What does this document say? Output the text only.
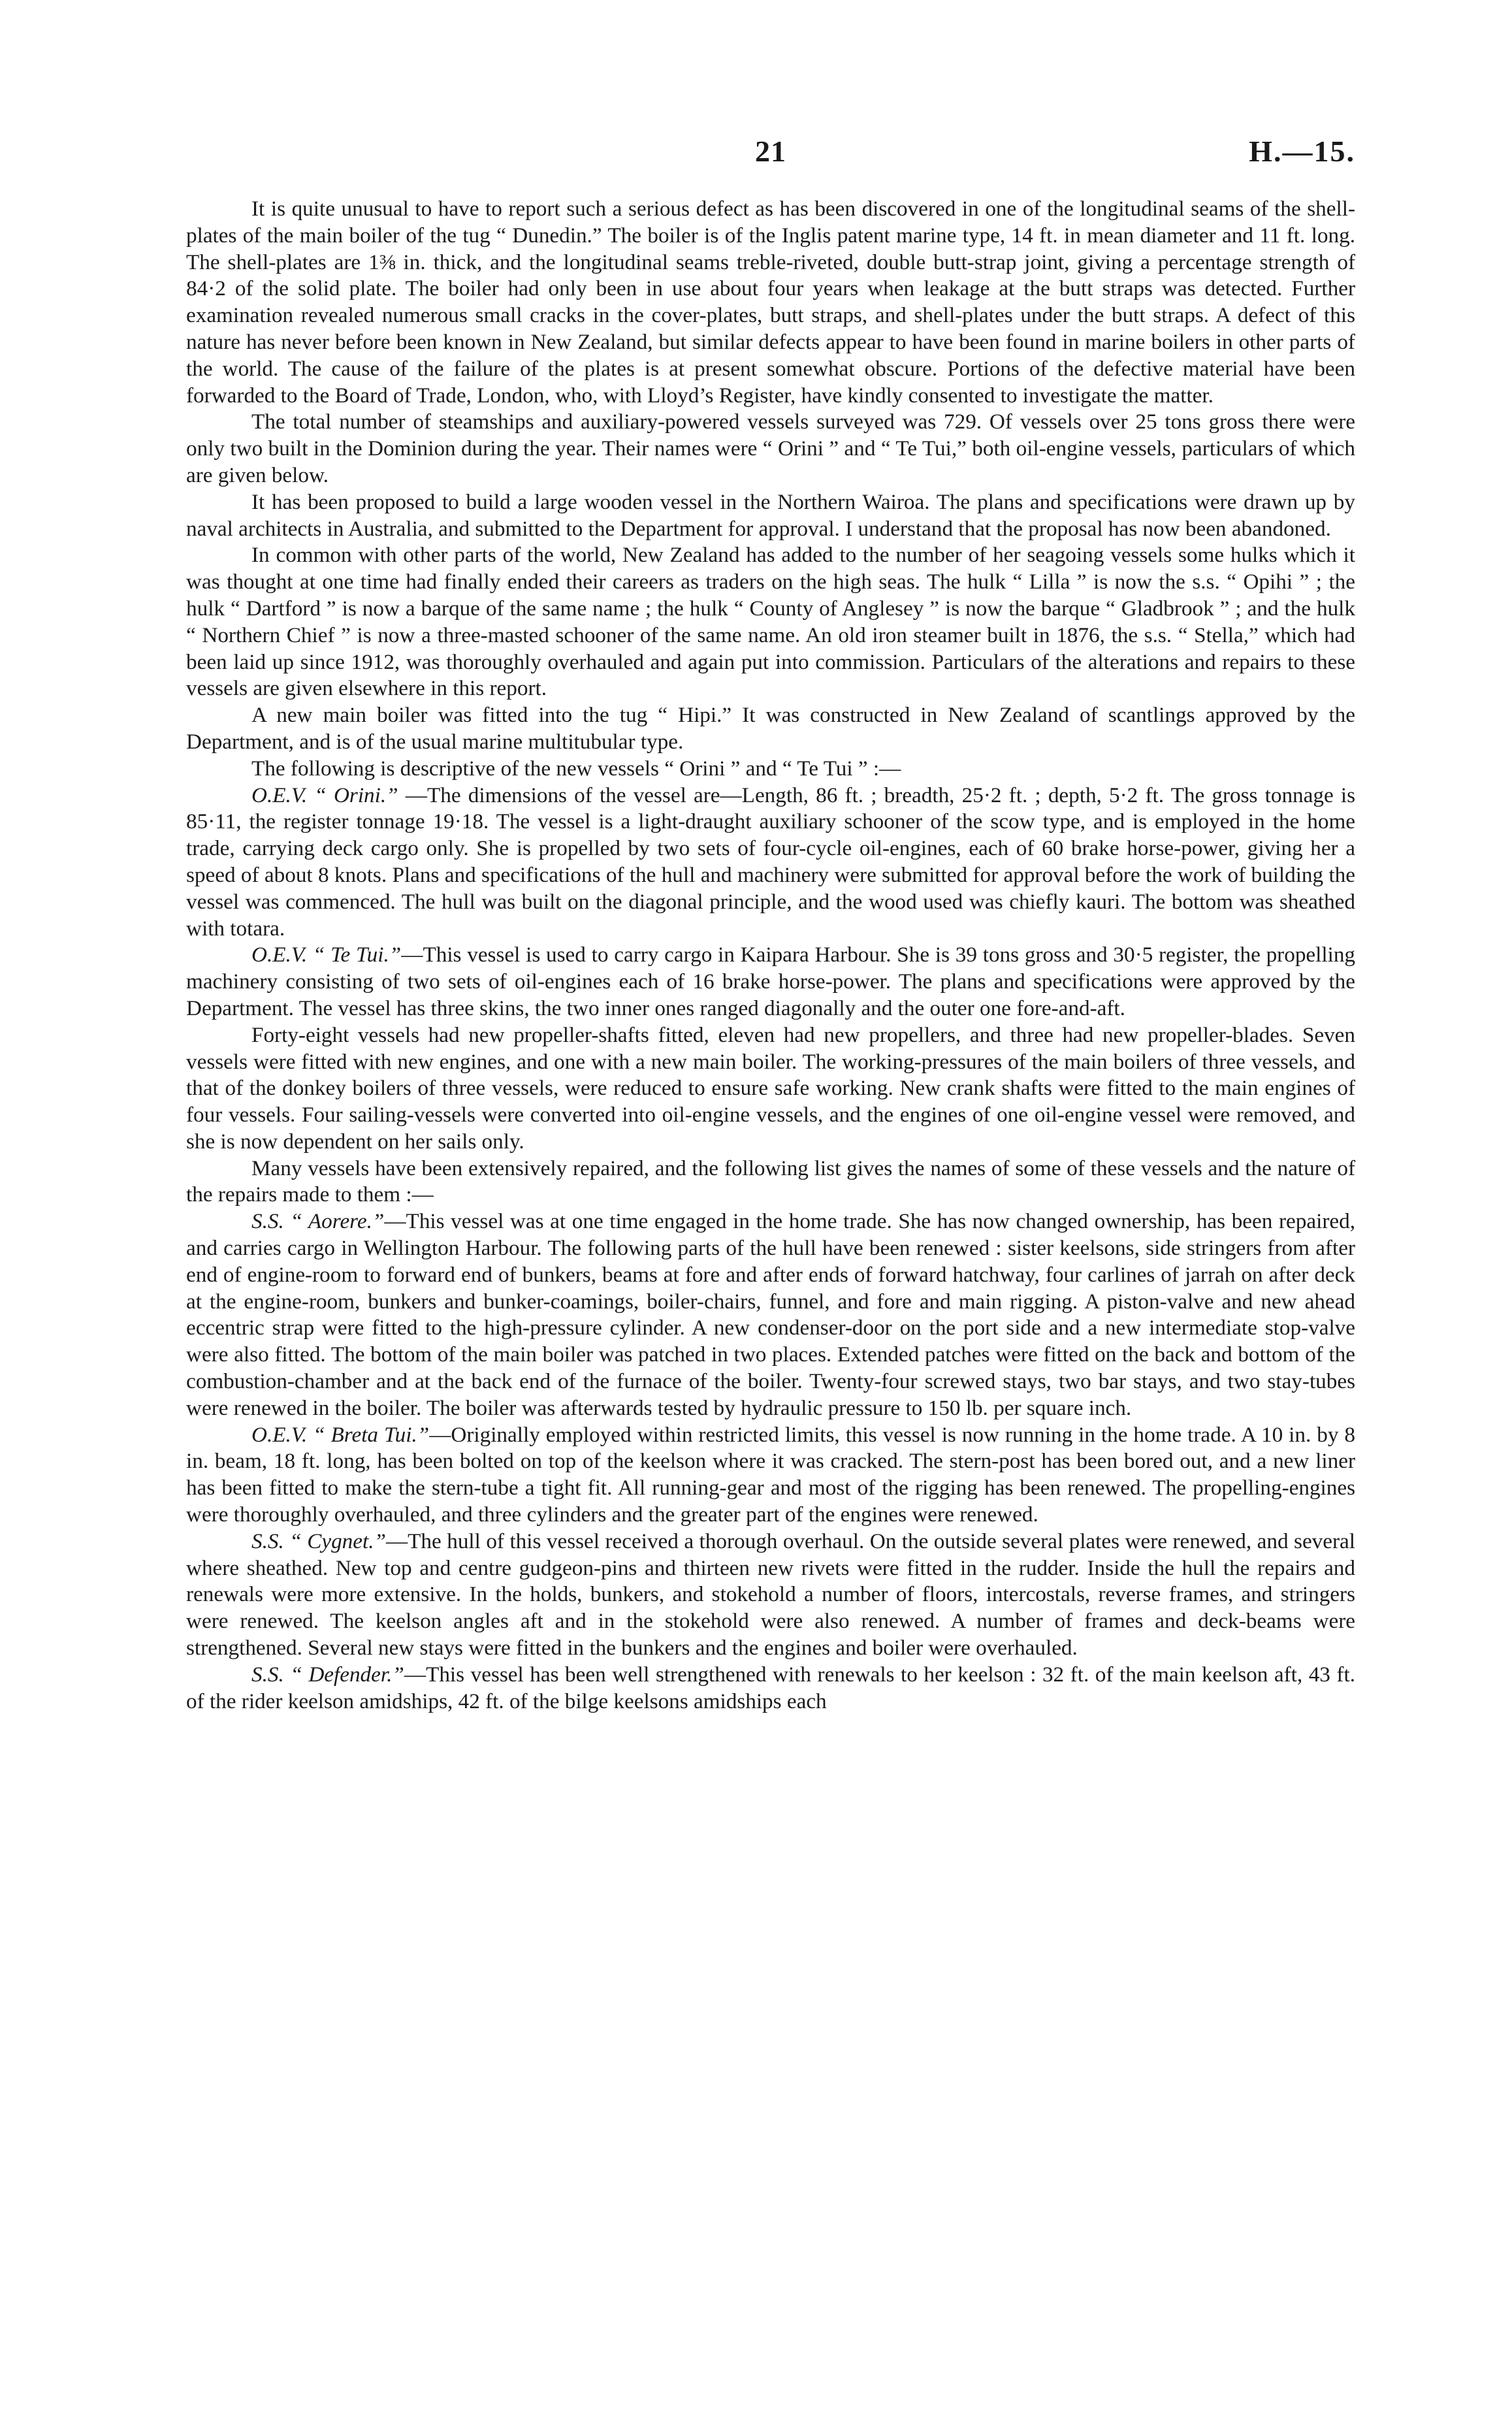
21	H.—15.

It is quite unusual to have to report such a serious defect as has been discovered in one of the longitudinal seams of the shell-plates of the main boiler of the tug “ Dunedin.” The boiler is of the Inglis patent marine type, 14 ft. in mean diameter and 11 ft. long. The shell-plates are 1⅜ in. thick, and the longitudinal seams treble-riveted, double butt-strap joint, giving a percentage strength of 84·2 of the solid plate. The boiler had only been in use about four years when leakage at the butt straps was detected. Further examination revealed numerous small cracks in the cover-plates, butt straps, and shell-plates under the butt straps. A defect of this nature has never before been known in New Zealand, but similar defects appear to have been found in marine boilers in other parts of the world. The cause of the failure of the plates is at present somewhat obscure. Portions of the defective material have been forwarded to the Board of Trade, London, who, with Lloyd’s Register, have kindly consented to investigate the matter.

The total number of steamships and auxiliary-powered vessels surveyed was 729. Of vessels over 25 tons gross there were only two built in the Dominion during the year. Their names were “ Orini ” and “ Te Tui,” both oil-engine vessels, particulars of which are given below.

It has been proposed to build a large wooden vessel in the Northern Wairoa. The plans and specifications were drawn up by naval architects in Australia, and submitted to the Department for approval. I understand that the proposal has now been abandoned.

In common with other parts of the world, New Zealand has added to the number of her seagoing vessels some hulks which it was thought at one time had finally ended their careers as traders on the high seas. The hulk “ Lilla ” is now the s.s. “ Opihi ” ; the hulk “ Dartford ” is now a barque of the same name ; the hulk “ County of Anglesey ” is now the barque “ Gladbrook ” ; and the hulk “ Northern Chief ” is now a three-masted schooner of the same name. An old iron steamer built in 1876, the s.s. “ Stella,” which had been laid up since 1912, was thoroughly overhauled and again put into commission. Particulars of the alterations and repairs to these vessels are given elsewhere in this report.

A new main boiler was fitted into the tug “ Hipi.” It was constructed in New Zealand of scantlings approved by the Department, and is of the usual marine multitubular type.

The following is descriptive of the new vessels “ Orini ” and “ Te Tui ” :—

O.E.V. “ Orini.” —The dimensions of the vessel are—Length, 86 ft. ; breadth, 25·2 ft. ; depth, 5·2 ft. The gross tonnage is 85·11, the register tonnage 19·18. The vessel is a light-draught auxiliary schooner of the scow type, and is employed in the home trade, carrying deck cargo only. She is propelled by two sets of four-cycle oil-engines, each of 60 brake horse-power, giving her a speed of about 8 knots. Plans and specifications of the hull and machinery were submitted for approval before the work of building the vessel was commenced. The hull was built on the diagonal principle, and the wood used was chiefly kauri. The bottom was sheathed with totara.

O.E.V. “ Te Tui.”—This vessel is used to carry cargo in Kaipara Harbour. She is 39 tons gross and 30·5 register, the propelling machinery consisting of two sets of oil-engines each of 16 brake horse-power. The plans and specifications were approved by the Department. The vessel has three skins, the two inner ones ranged diagonally and the outer one fore-and-aft.

Forty-eight vessels had new propeller-shafts fitted, eleven had new propellers, and three had new propeller-blades. Seven vessels were fitted with new engines, and one with a new main boiler. The working-pressures of the main boilers of three vessels, and that of the donkey boilers of three vessels, were reduced to ensure safe working. New crank shafts were fitted to the main engines of four vessels. Four sailing-vessels were converted into oil-engine vessels, and the engines of one oil-engine vessel were removed, and she is now dependent on her sails only.

Many vessels have been extensively repaired, and the following list gives the names of some of these vessels and the nature of the repairs made to them :—

S.S. “ Aorere.”—This vessel was at one time engaged in the home trade. She has now changed ownership, has been repaired, and carries cargo in Wellington Harbour. The following parts of the hull have been renewed : sister keelsons, side stringers from after end of engine-room to forward end of bunkers, beams at fore and after ends of forward hatchway, four carlines of jarrah on after deck at the engine-room, bunkers and bunker-coamings, boiler-chairs, funnel, and fore and main rigging. A piston-valve and new ahead eccentric strap were fitted to the high-pressure cylinder. A new condenser-door on the port side and a new intermediate stop-valve were also fitted. The bottom of the main boiler was patched in two places. Extended patches were fitted on the back and bottom of the combustion-chamber and at the back end of the furnace of the boiler. Twenty-four screwed stays, two bar stays, and two stay-tubes were renewed in the boiler. The boiler was afterwards tested by hydraulic pressure to 150 lb. per square inch.

O.E.V. “ Breta Tui.”—Originally employed within restricted limits, this vessel is now running in the home trade. A 10 in. by 8 in. beam, 18 ft. long, has been bolted on top of the keelson where it was cracked. The stern-post has been bored out, and a new liner has been fitted to make the stern-tube a tight fit. All running-gear and most of the rigging has been renewed. The propelling-engines were thoroughly overhauled, and three cylinders and the greater part of the engines were renewed.

S.S. “ Cygnet.”—The hull of this vessel received a thorough overhaul. On the outside several plates were renewed, and several where sheathed. New top and centre gudgeon-pins and thirteen new rivets were fitted in the rudder. Inside the hull the repairs and renewals were more extensive. In the holds, bunkers, and stokehold a number of floors, intercostals, reverse frames, and stringers were renewed. The keelson angles aft and in the stokehold were also renewed. A number of frames and deck-beams were strengthened. Several new stays were fitted in the bunkers and the engines and boiler were overhauled.

S.S. “ Defender.”—This vessel has been well strengthened with renewals to her keelson : 32 ft. of the main keelson aft, 43 ft. of the rider keelson amidships, 42 ft. of the bilge keelsons amidships each
